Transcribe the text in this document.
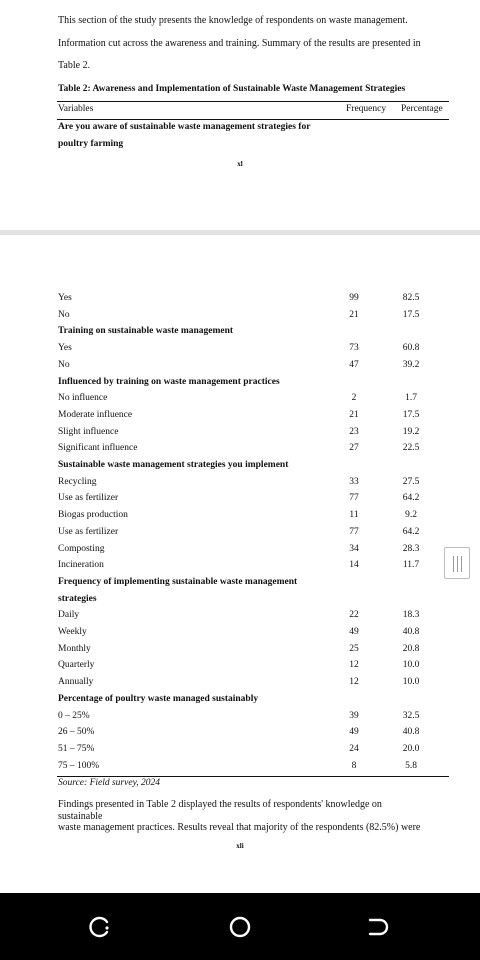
This section of the study presents the knowledge of respondents on waste management.
Information cut across the awareness and training. Summary of the results are presented in
Table 2.
Table 2: Awareness and Implementation of Sustainable Waste Management Strategies
Variables	Frequency Percentage
Are you aware of sustainable waste management strategies for
poultry farming
xl
Yes	99	82.5
No	21	17.5
Training on sustainable waste management
Yes	73	60.8
No	47	39.2
Influenced by training on waste management practices
No influence	2	1.7
Moderate influence	21	17.5
Slight influence	23	19.2
Significant influence	27	22.5
Sustainable waste management strategies you implement
Recycling	33	27.5
Use as fertilizer	77	64.2
Biogas production	11	9.2
Use as fertilizer	77	64.2
Composting	34	28.3
Incineration	14	11.7
Frequency of implementing sustainable waste management
strategies
Daily	22	18.3
Weekly	49	40.8
Monthly	25	20.8
Quarterly	12	10.0
Annually	12	10.0
Percentage of poultry waste managed sustainably
0 – 25%	39	32.5
26 – 50%	49	40.8
51 – 75%	24	20.0
75 – 100%	8	5.8
Source: Field survey, 2024
Findings presented in Table 2 displayed the results of respondents' knowledge on sustainable
waste management practices. Results reveal that majority of the respondents (82.5%) were
xli
